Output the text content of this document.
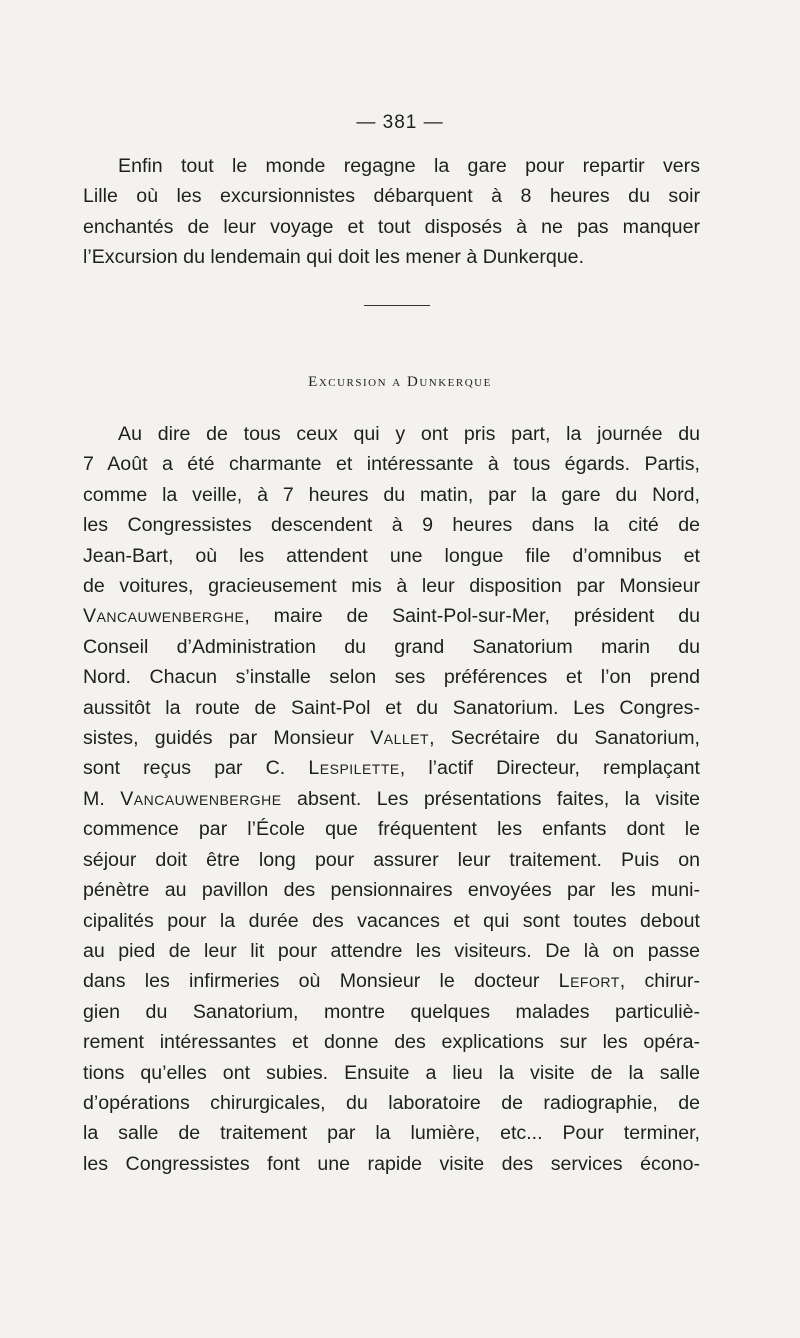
— 381 —
Enfin tout le monde regagne la gare pour repartir vers
Lille où les excursionnistes débarquent à 8 heures du soir
enchantés de leur voyage et tout disposés à ne pas manquer
l’Excursion du lendemain qui doit les mener à Dunkerque.
Excursion a Dunkerque
Au dire de tous ceux qui y ont pris part, la journée du
7 Août a été charmante et intéressante à tous égards. Partis,
comme la veille, à 7 heures du matin, par la gare du Nord,
les Congressistes descendent à 9 heures dans la cité de
Jean-Bart, où les attendent une longue file d’omnibus et
de voitures, gracieusement mis à leur disposition par Monsieur
Vancauwenberghe, maire de Saint-Pol-sur-Mer, président du
Conseil d’Administration du grand Sanatorium marin du
Nord. Chacun s’installe selon ses préférences et l’on prend
aussitôt la route de Saint-Pol et du Sanatorium. Les Congres-
sistes, guidés par Monsieur Vallet, Secrétaire du Sanatorium,
sont reçus par C. Lespilette, l’actif Directeur, remplaçant
M. Vancauwenberghe absent. Les présentations faites, la visite
commence par l’École que fréquentent les enfants dont le
séjour doit être long pour assurer leur traitement. Puis on
pénètre au pavillon des pensionnaires envoyées par les muni-
cipalités pour la durée des vacances et qui sont toutes debout
au pied de leur lit pour attendre les visiteurs. De là on passe
dans les infirmeries où Monsieur le docteur Lefort, chirur-
gien du Sanatorium, montre quelques malades particuliè-
rement intéressantes et donne des explications sur les opéra-
tions qu’elles ont subies. Ensuite a lieu la visite de la salle
d’opérations chirurgicales, du laboratoire de radiographie, de
la salle de traitement par la lumière, etc... Pour terminer,
les Congressistes font une rapide visite des services écono-
